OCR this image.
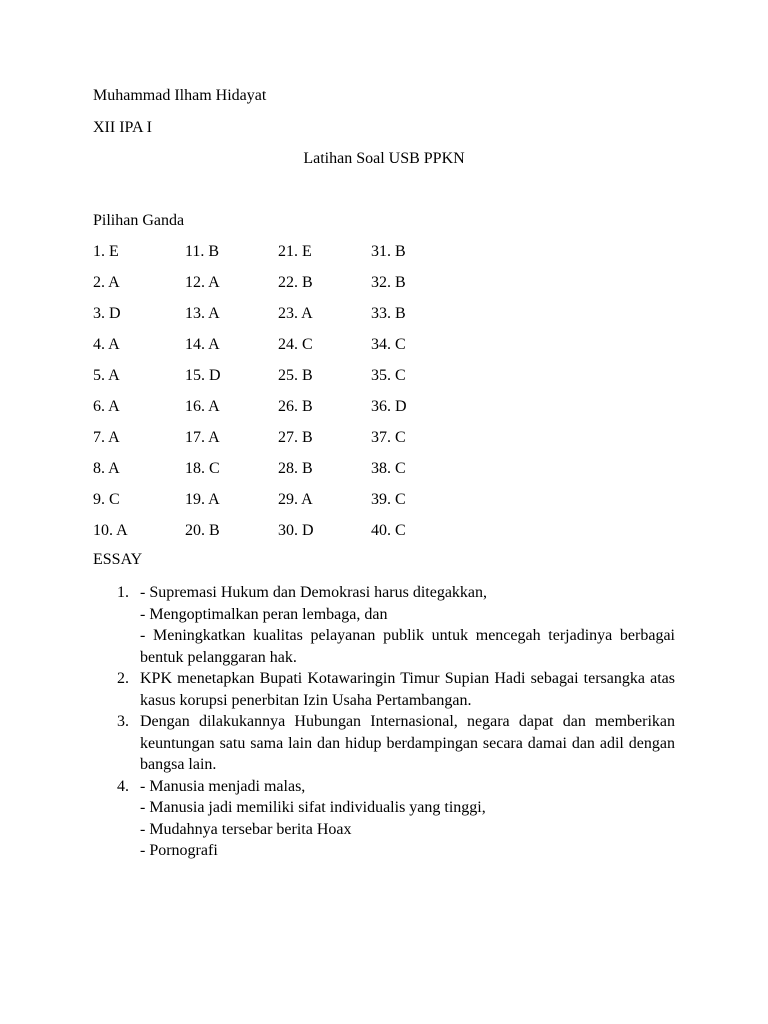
Muhammad Ilham Hidayat
XII IPA I
Latihan Soal USB PPKN
Pilihan Ganda
1. E	11. B	21. E	31. B
2. A	12. A	22. B	32. B
3. D	13. A	23. A	33. B
4. A	14. A	24. C	34. C
5. A	15. D	25. B	35. C
6. A	16. A	26. B	36. D
7. A	17. A	27. B	37. C
8. A	18. C	28. B	38. C
9. C	19. A	29. A	39. C
10. A	20. B	30. D	40. C
ESSAY
1. - Supremasi Hukum dan Demokrasi harus ditegakkan,
- Mengoptimalkan peran lembaga, dan
- Meningkatkan kualitas pelayanan publik untuk mencegah terjadinya berbagai bentuk pelanggaran hak.
2. KPK menetapkan Bupati Kotawaringin Timur Supian Hadi sebagai tersangka atas kasus korupsi penerbitan Izin Usaha Pertambangan.
3. Dengan dilakukannya Hubungan Internasional, negara dapat dan memberikan keuntungan satu sama lain dan hidup berdampingan secara damai dan adil dengan bangsa lain.
4. - Manusia menjadi malas,
- Manusia jadi memiliki sifat individualis yang tinggi,
- Mudahnya tersebar berita Hoax
- Pornografi
